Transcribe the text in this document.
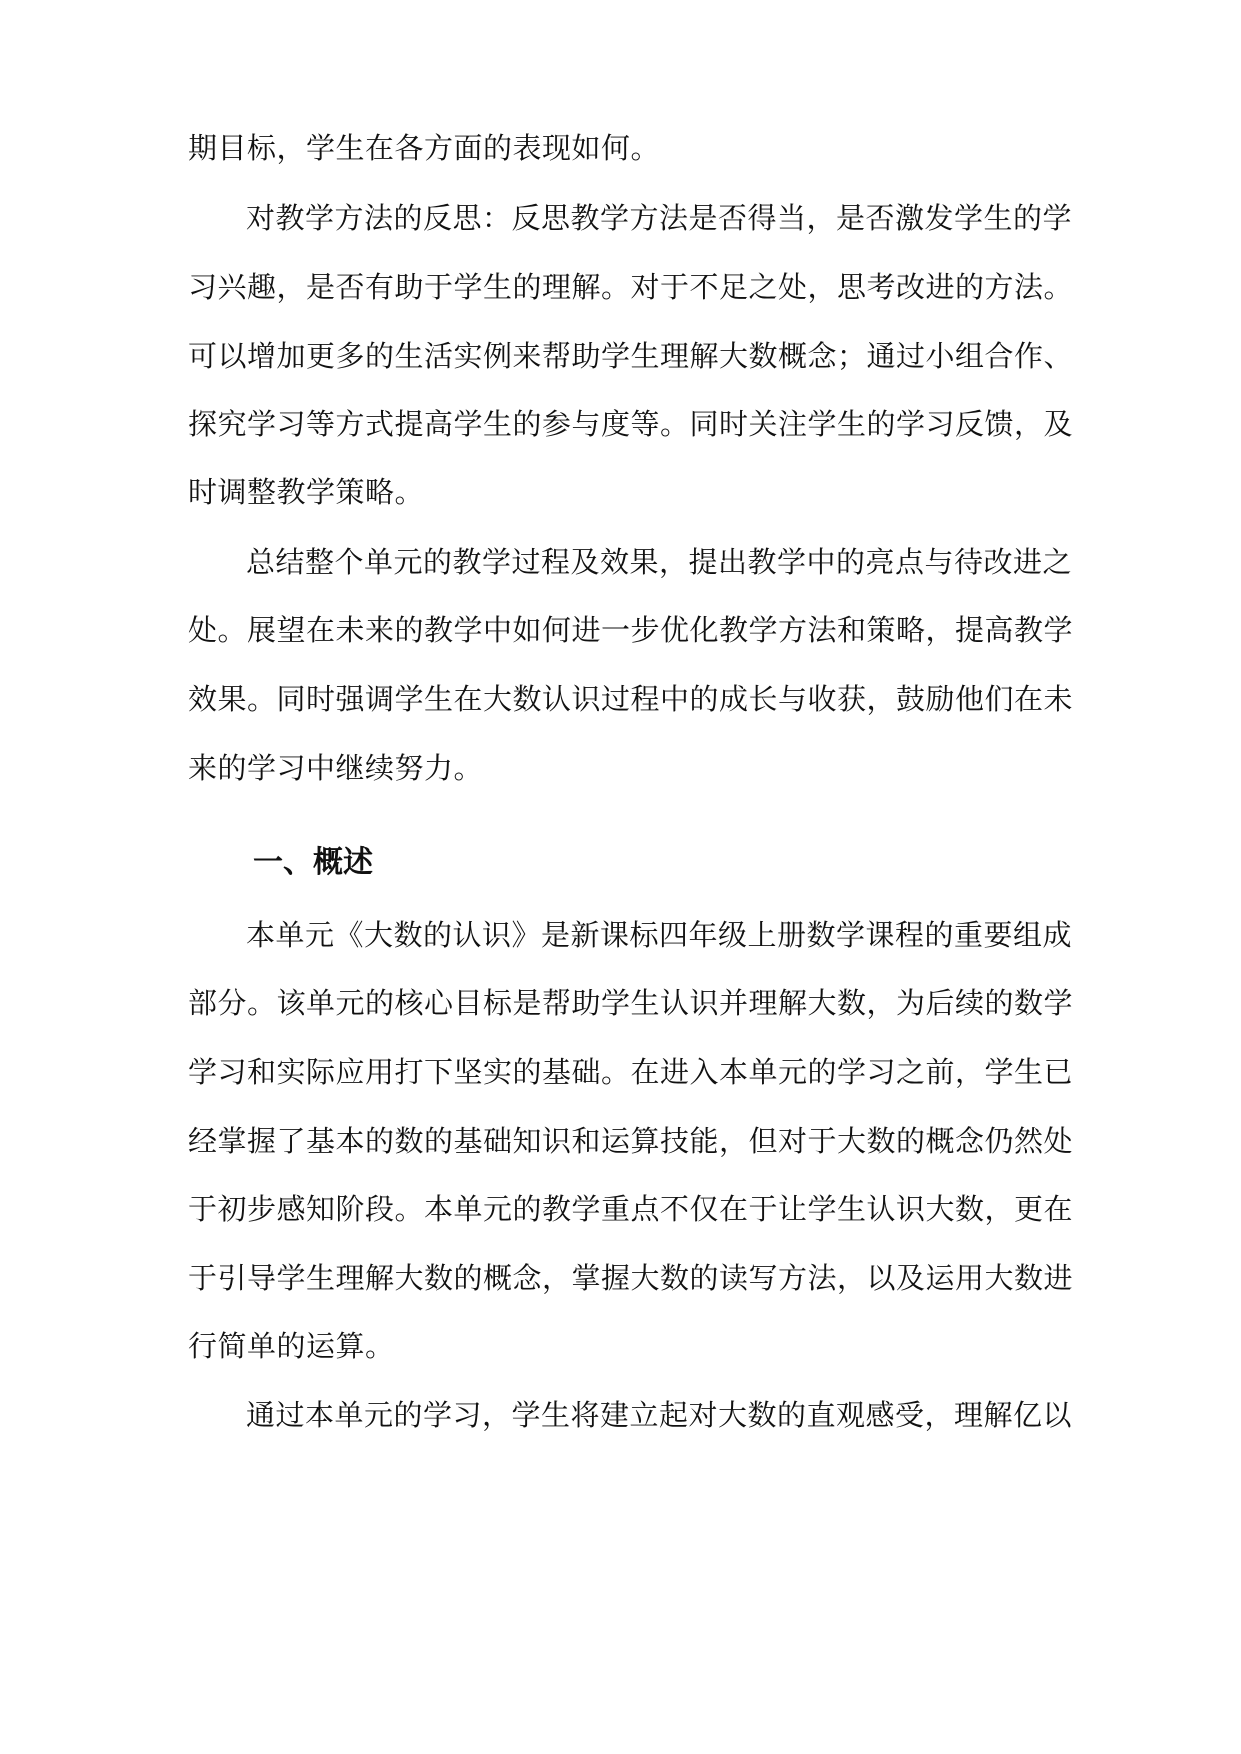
期目标，学生在各方面的表现如何。
对教学方法的反思：反思教学方法是否得当，是否激发学生的学
习兴趣，是否有助于学生的理解。对于不足之处，思考改进的方法。
可以增加更多的生活实例来帮助学生理解大数概念；通过小组合作、
探究学习等方式提高学生的参与度等。同时关注学生的学习反馈，及
时调整教学策略。
总结整个单元的教学过程及效果，提出教学中的亮点与待改进之
处。展望在未来的教学中如何进一步优化教学方法和策略，提高教学
效果。同时强调学生在大数认识过程中的成长与收获，鼓励他们在未
来的学习中继续努力。
一、概述
本单元《大数的认识》是新课标四年级上册数学课程的重要组成
部分。该单元的核心目标是帮助学生认识并理解大数，为后续的数学
学习和实际应用打下坚实的基础。在进入本单元的学习之前，学生已
经掌握了基本的数的基础知识和运算技能，但对于大数的概念仍然处
于初步感知阶段。本单元的教学重点不仅在于让学生认识大数，更在
于引导学生理解大数的概念，掌握大数的读写方法，以及运用大数进
行简单的运算。
通过本单元的学习，学生将建立起对大数的直观感受，理解亿以
